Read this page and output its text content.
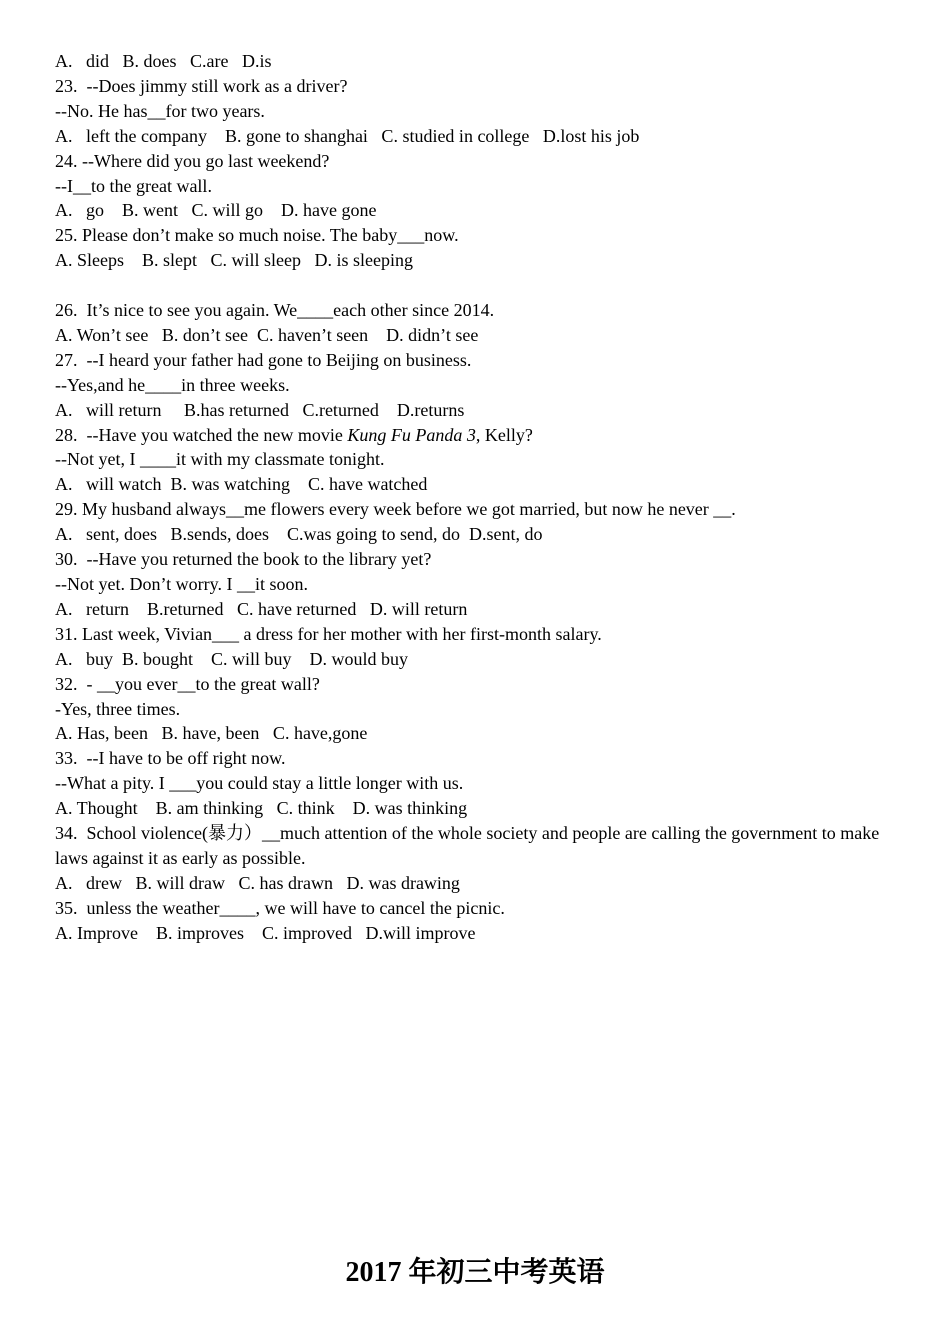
A.   did   B. does   C.are   D.is

23.  --Does jimmy still work as a driver?

--No. He has__for two years.

A.   left the company    B. gone to shanghai   C. studied in college   D.lost his job

24. --Where did you go last weekend?

--I__to the great wall.

A.   go    B. went   C. will go    D. have gone

25. Please don’t make so much noise. The baby___now.

A. Sleeps    B. slept   C. will sleep   D. is sleeping

26.  It’s nice to see you again. We____each other since 2014.

A. Won’t see   B. don’t see  C. haven’t seen    D. didn’t see

27.  --I heard your father had gone to Beijing on business.

--Yes,and he____in three weeks.

A.   will return     B.has returned   C.returned    D.returns

28.  --Have you watched the new movie Kung Fu Panda 3, Kelly?

--Not yet, I ____it with my classmate tonight.

A.   will watch  B. was watching    C. have watched

29. My husband always__me flowers every week before we got married, but now he never __.

A.   sent, does   B.sends, does    C.was going to send, do  D.sent, do

30.  --Have you returned the book to the library yet?

--Not yet. Don’t worry. I __it soon.

A.   return    B.returned   C. have returned   D. will return

31. Last week, Vivian___ a dress for her mother with her first-month salary.

A.   buy  B. bought    C. will buy    D. would buy

32.  - __you ever__to the great wall?

-Yes, three times.

A. Has, been   B. have, been   C. have,gone

33.  --I have to be off right now.

--What a pity. I ___you could stay a little longer with us.

A. Thought    B. am thinking   C. think    D. was thinking

34.  School violence(暴力）__much attention of the whole society and people are calling the government to make laws against it as early as possible.

A.   drew   B. will draw   C. has drawn   D. was drawing

35.  unless the weather____, we will have to cancel the picnic.

A. Improve    B. improves    C. improved   D.will improve

2017 年初三中考英语
